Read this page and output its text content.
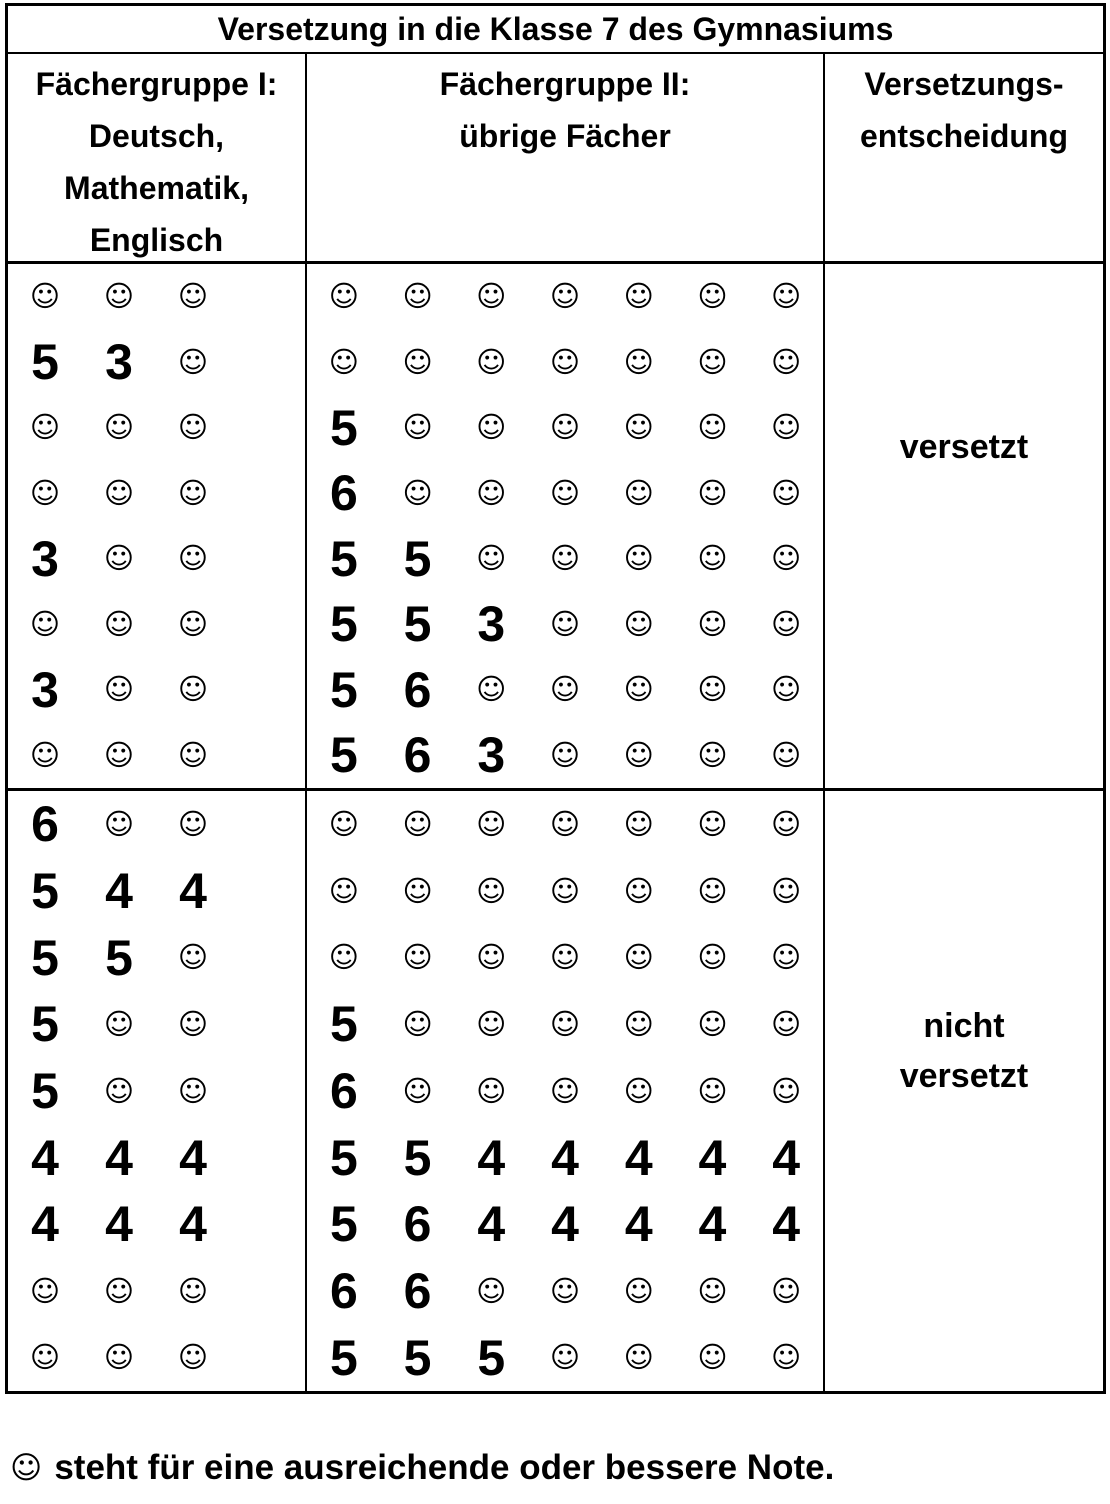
Versetzung in die Klasse 7 des Gymnasiums
Fächergruppe I:
Deutsch,
Mathematik,
Englisch
Fächergruppe II:
übrige Fächer
Versetzungs-
entscheidung
☺ ☺ ☺
5 3 ☺
☺ ☺ ☺
☺ ☺ ☺
3 ☺ ☺
☺ ☺ ☺
3 ☺ ☺
☺ ☺ ☺
☺ ☺ ☺ ☺ ☺ ☺ ☺
☺ ☺ ☺ ☺ ☺ ☺ ☺
5 ☺ ☺ ☺ ☺ ☺ ☺
6 ☺ ☺ ☺ ☺ ☺ ☺
5 5 ☺ ☺ ☺ ☺ ☺
5 5 3 ☺ ☺ ☺ ☺
5 6 ☺ ☺ ☺ ☺ ☺
5 6 3 ☺ ☺ ☺ ☺
versetzt
6 ☺ ☺
5 4 4
5 5 ☺
5 ☺ ☺
5 ☺ ☺
4 4 4
4 4 4
☺ ☺ ☺
☺ ☺ ☺
☺ ☺ ☺ ☺ ☺ ☺ ☺
☺ ☺ ☺ ☺ ☺ ☺ ☺
☺ ☺ ☺ ☺ ☺ ☺ ☺
5 ☺ ☺ ☺ ☺ ☺ ☺
6 ☺ ☺ ☺ ☺ ☺ ☺
5 5 4 4 4 4 4
5 6 4 4 4 4 4
6 6 ☺ ☺ ☺ ☺ ☺
5 5 5 ☺ ☺ ☺ ☺
nicht
versetzt
☺ steht für eine ausreichende oder bessere Note.
